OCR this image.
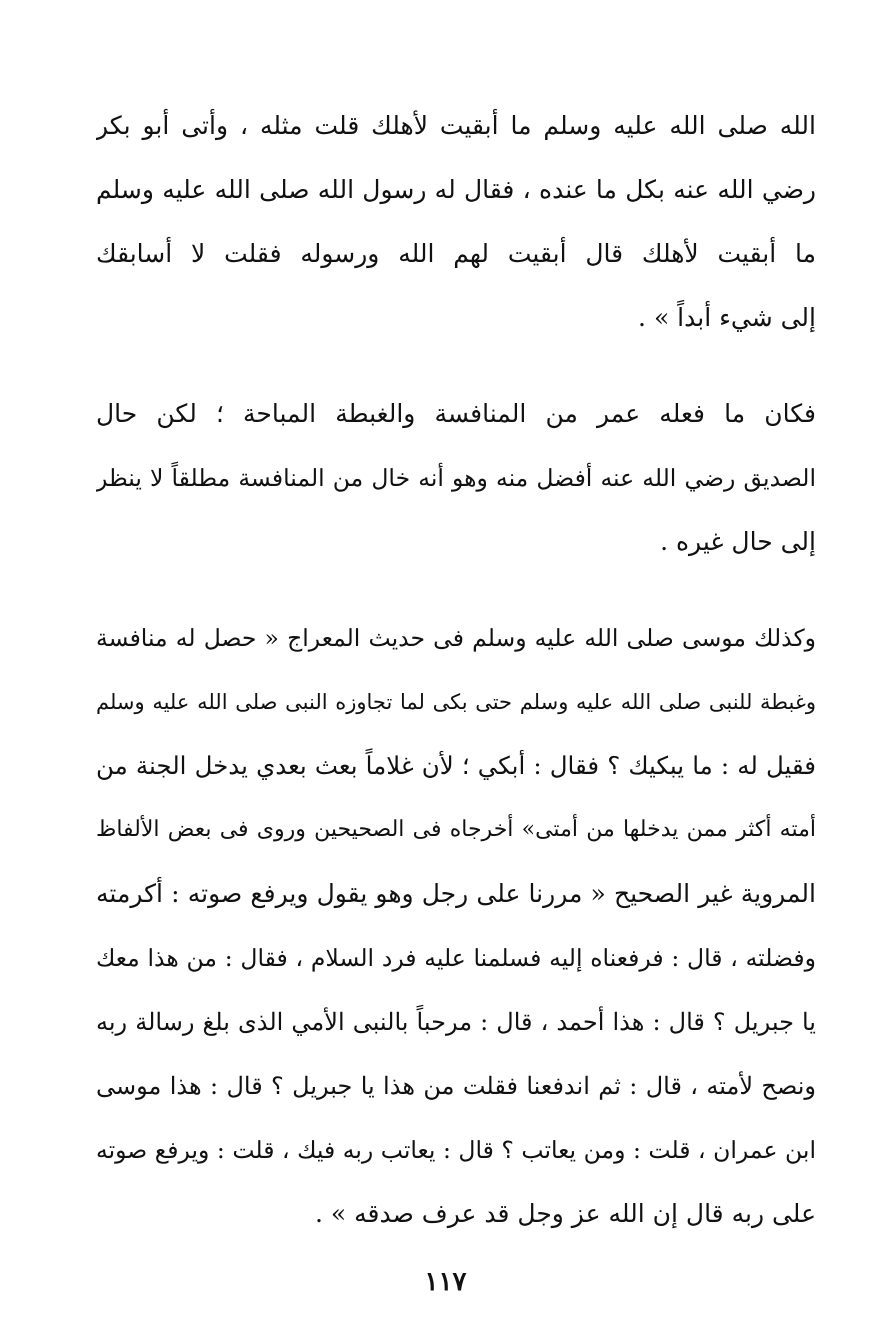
الله صلى الله عليه وسلم ما أبقيت لأهلك قلت مثله ، وأتى أبو بكر
رضي الله عنه بكل ما عنده ، فقال له رسول الله صلى الله عليه وسلم
ما أبقيت لأهلك قال أبقيت لهم الله ورسوله فقلت لا أسابقك
إلى شيء أبداً » .
فكان ما فعله عمر من المنافسة والغبطة المباحة ؛ لكن حال
الصديق رضي الله عنه أفضل منه وهو أنه خال من المنافسة مطلقاً لا ينظر
إلى حال غيره .
وكذلك موسى صلى الله عليه وسلم فى حديث المعراج « حصل له منافسة
وغبطة للنبى صلى الله عليه وسلم حتى بكى لما تجاوزه النبى صلى الله عليه وسلم
فقيل له : ما يبكيك ؟ فقال : أبكي ؛ لأن غلاماً بعث بعدي يدخل الجنة من
أمته أكثر ممن يدخلها من أمتى» أخرجاه فى الصحيحين وروى فى بعض الألفاظ
المروية غير الصحيح « مررنا على رجل وهو يقول ويرفع صوته : أكرمته
وفضلته ، قال : فرفعناه إليه فسلمنا عليه فرد السلام ، فقال : من هذا معك
يا جبريل ؟ قال : هذا أحمد ، قال : مرحباً بالنبى الأمي الذى بلغ رسالة ربه
ونصح لأمته ، قال : ثم اندفعنا فقلت من هذا يا جبريل ؟ قال : هذا موسى
ابن عمران ، قلت : ومن يعاتب ؟ قال : يعاتب ربه فيك ، قلت : ويرفع صوته
على ربه قال إن الله عز وجل قد عرف صدقه » .
١١٧
